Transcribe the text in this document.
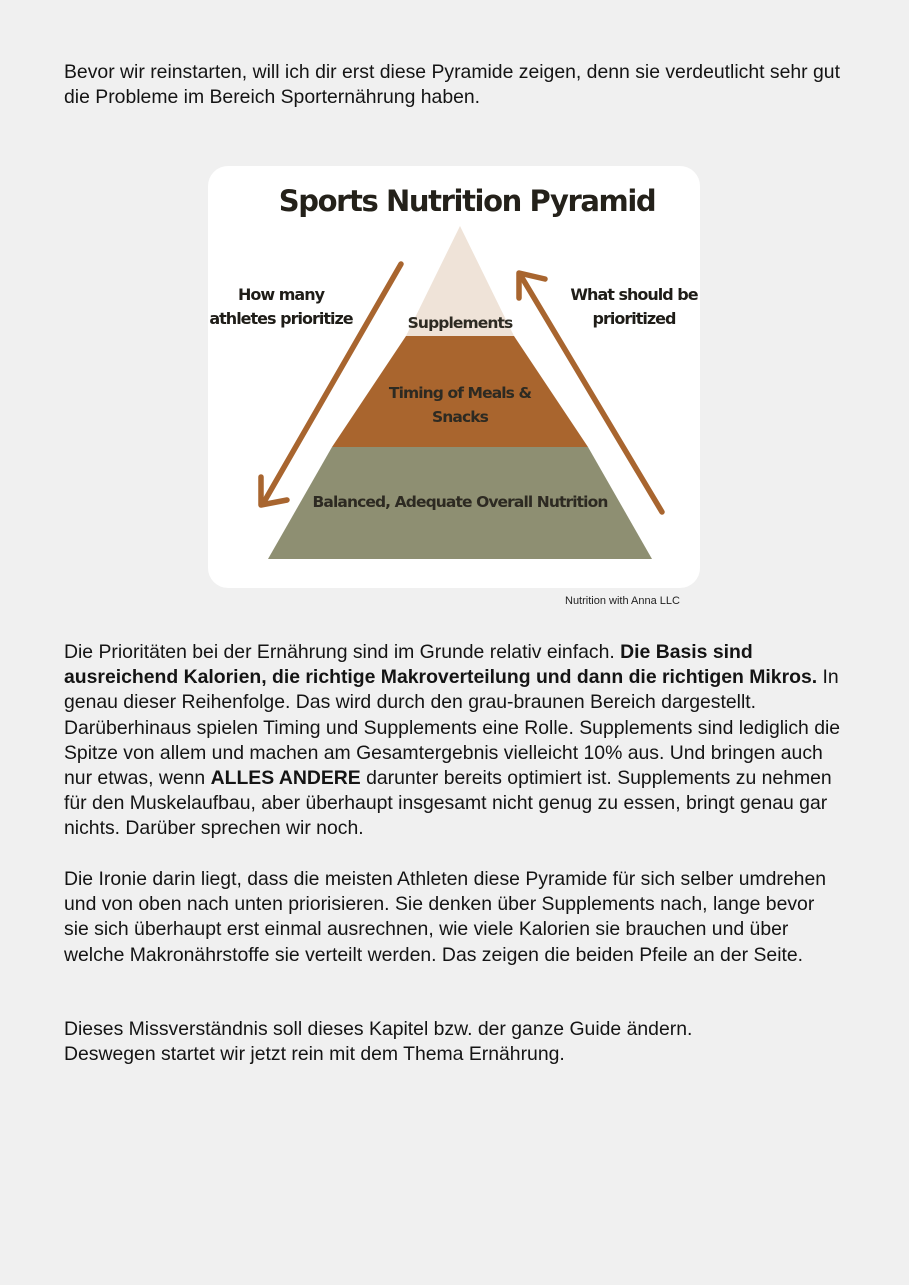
Bevor wir reinstarten, will ich dir erst diese Pyramide zeigen, denn sie verdeutlicht sehr gut die Probleme im Bereich Sporternährung haben.

Sports Nutrition Pyramid
Supplements
Timing of Meals &
Snacks
Balanced, Adequate Overall Nutrition
How many
athletes prioritize
What should be
prioritized
Nutrition with Anna LLC

Die Prioritäten bei der Ernährung sind im Grunde relativ einfach. Die Basis sind ausreichend Kalorien, die richtige Makroverteilung und dann die richtigen Mikros. In genau dieser Reihenfolge. Das wird durch den grau-braunen Bereich dargestellt. Darüberhinaus spielen Timing und Supplements eine Rolle. Supplements sind lediglich die Spitze von allem und machen am Gesamtergebnis vielleicht 10% aus. Und bringen auch nur etwas, wenn ALLES ANDERE darunter bereits optimiert ist. Supplements zu nehmen für den Muskelaufbau, aber überhaupt insgesamt nicht genug zu essen, bringt genau gar nichts. Darüber sprechen wir noch.

Die Ironie darin liegt, dass die meisten Athleten diese Pyramide für sich selber umdrehen und von oben nach unten priorisieren. Sie denken über Supplements nach, lange bevor sie sich überhaupt erst einmal ausrechnen, wie viele Kalorien sie brauchen und über welche Makronährstoffe sie verteilt werden. Das zeigen die beiden Pfeile an der Seite.

Dieses Missverständnis soll dieses Kapitel bzw. der ganze Guide ändern.
Deswegen startet wir jetzt rein mit dem Thema Ernährung.
